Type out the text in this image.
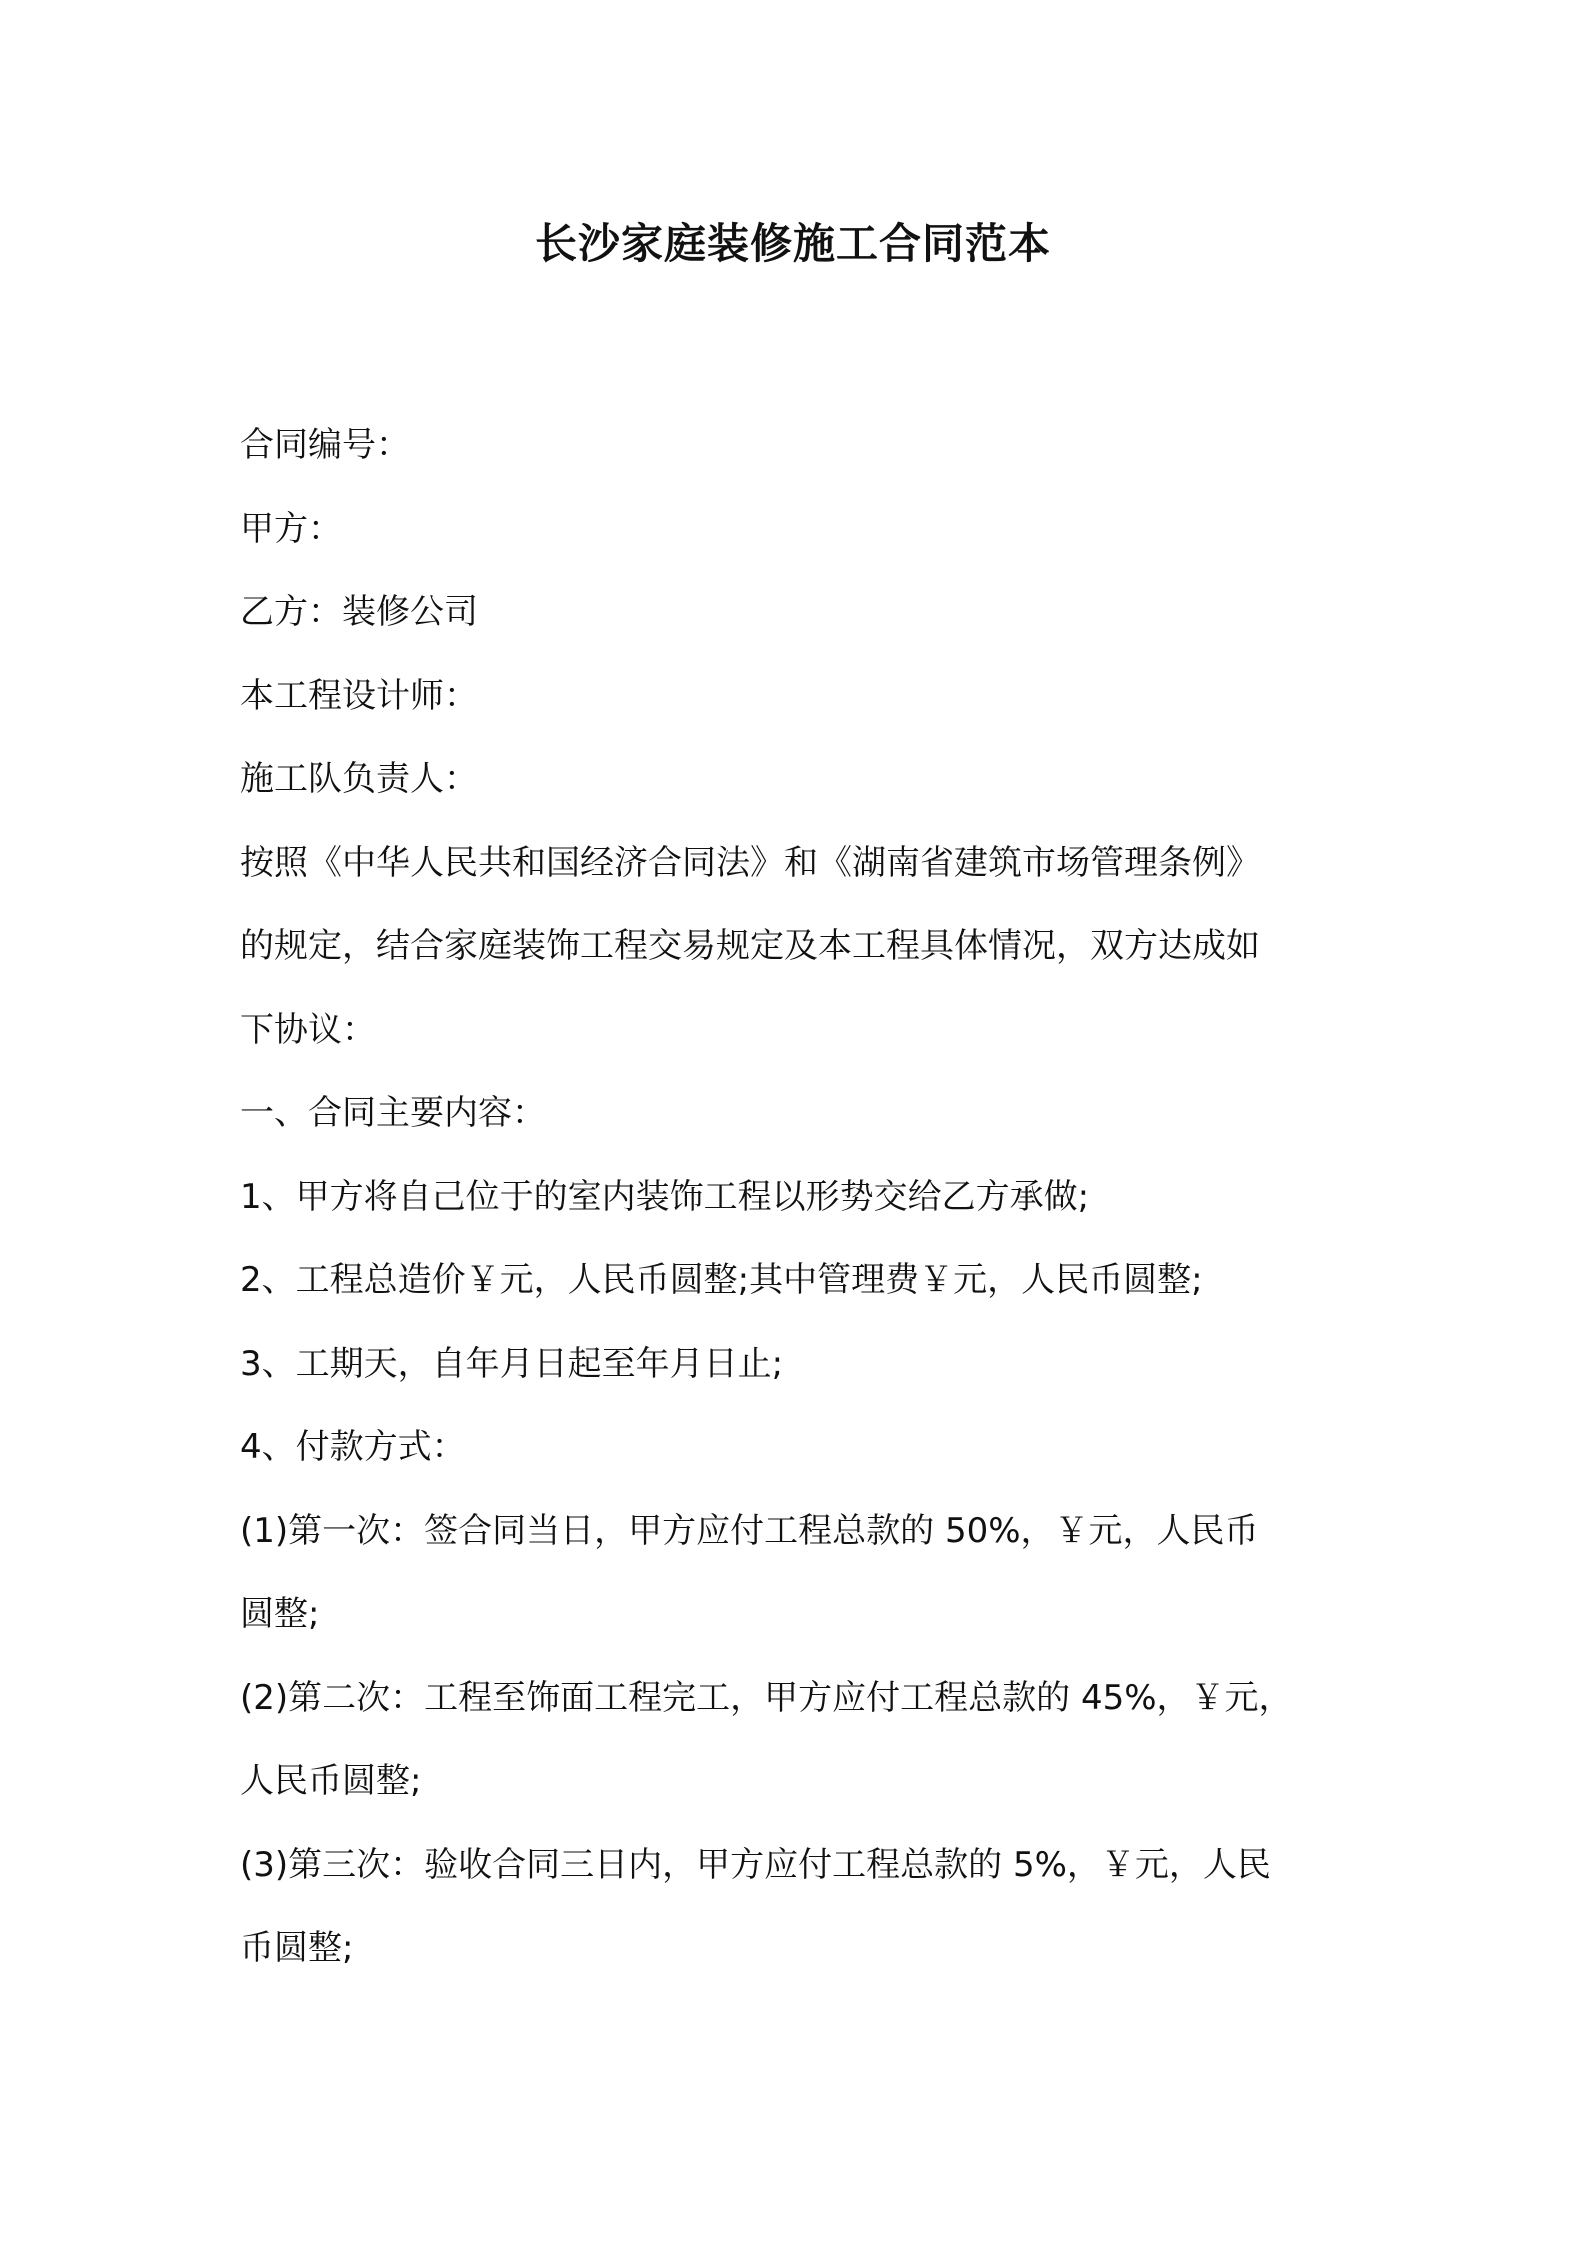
长沙家庭装修施工合同范本
合同编号：
甲方：
乙方：装修公司
本工程设计师：
施工队负责人：
按照《中华人民共和国经济合同法》和《湖南省建筑市场管理条例》
的规定，结合家庭装饰工程交易规定及本工程具体情况，双方达成如
下协议：
一、合同主要内容：
1、甲方将自己位于的室内装饰工程以形势交给乙方承做;
2、工程总造价￥元，人民币圆整;其中管理费￥元，人民币圆整;
3、工期天，自年月日起至年月日止;
4、付款方式：
(1)第一次：签合同当日，甲方应付工程总款的 50%，￥元，人民币
圆整;
(2)第二次：工程至饰面工程完工，甲方应付工程总款的 45%，￥元，
人民币圆整;
(3)第三次：验收合同三日内，甲方应付工程总款的 5%，￥元，人民
币圆整;
